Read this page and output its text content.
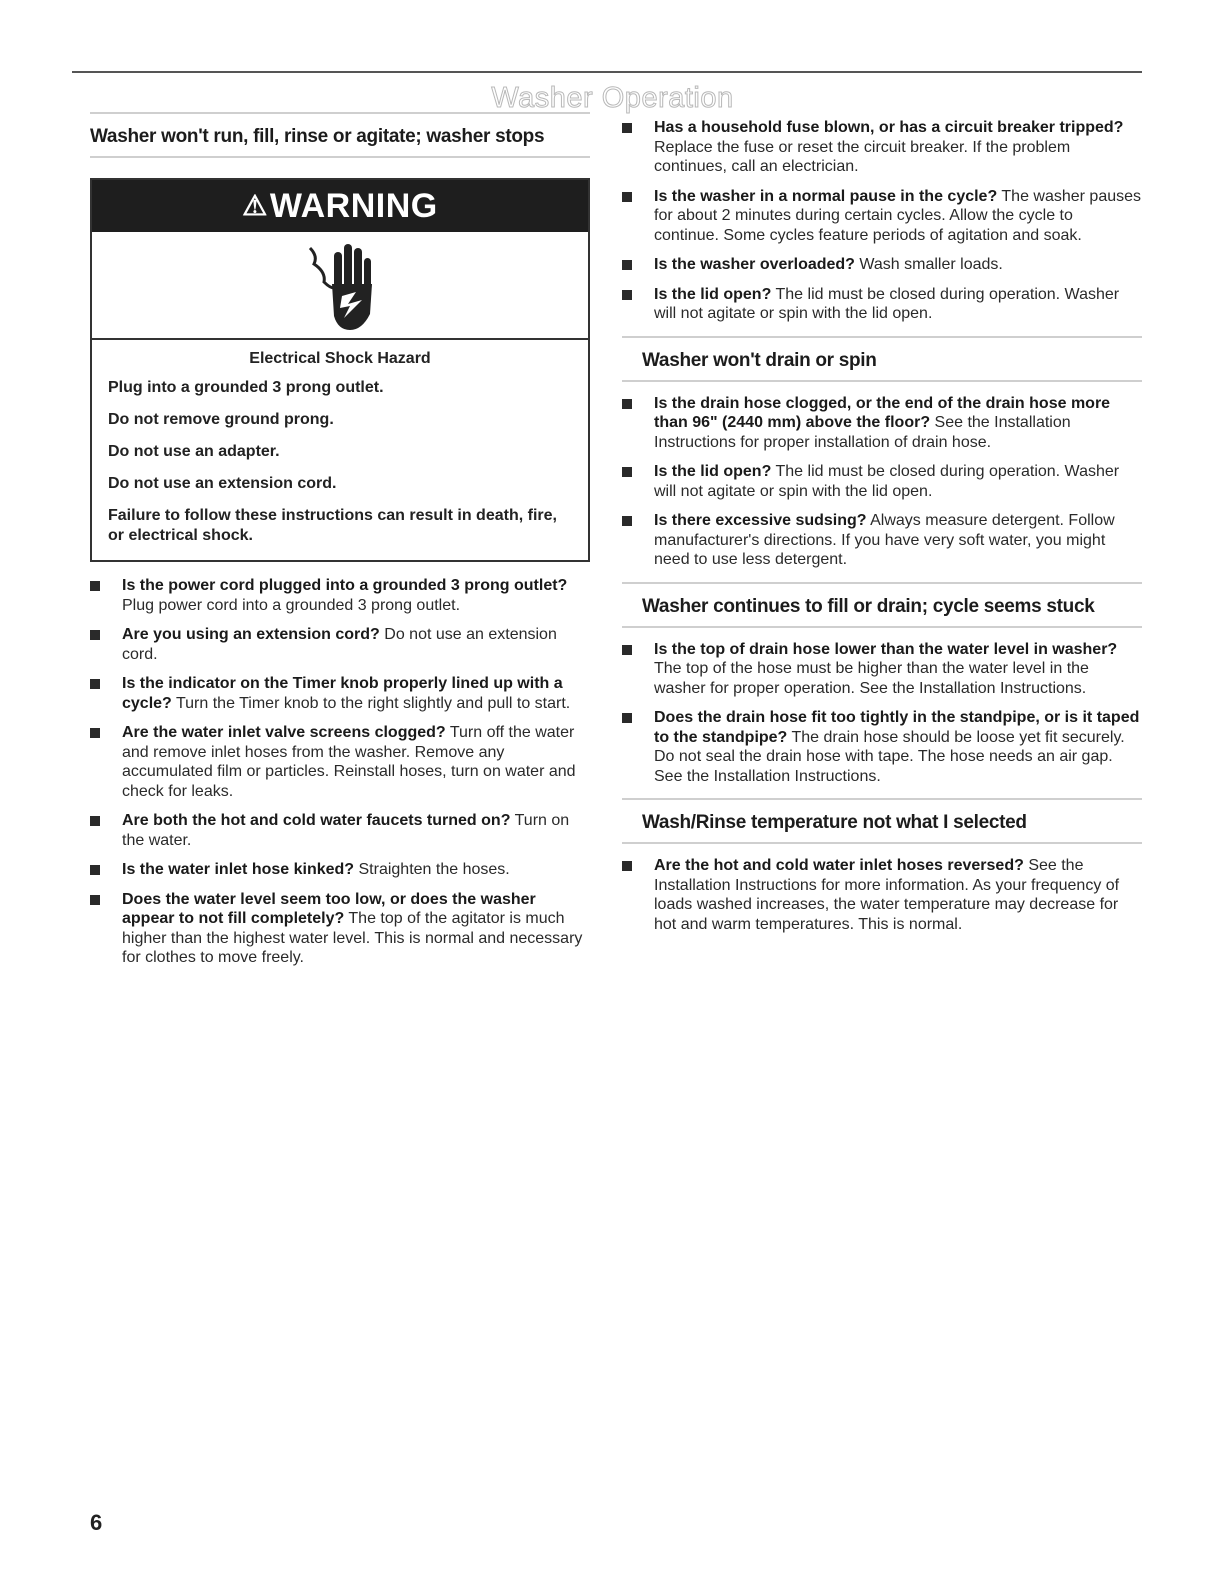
Washer Operation
Washer won't run, fill, rinse or agitate; washer stops
⚠WARNING
Electrical Shock Hazard
Plug into a grounded 3 prong outlet.
Do not remove ground prong.
Do not use an adapter.
Do not use an extension cord.
Failure to follow these instructions can result in death, fire, or electrical shock.
Is the power cord plugged into a grounded 3 prong outlet? Plug power cord into a grounded 3 prong outlet.
Are you using an extension cord? Do not use an extension cord.
Is the indicator on the Timer knob properly lined up with a cycle? Turn the Timer knob to the right slightly and pull to start.
Are the water inlet valve screens clogged? Turn off the water and remove inlet hoses from the washer. Remove any accumulated film or particles. Reinstall hoses, turn on water and check for leaks.
Are both the hot and cold water faucets turned on? Turn on the water.
Is the water inlet hose kinked? Straighten the hoses.
Does the water level seem too low, or does the washer appear to not fill completely? The top of the agitator is much higher than the highest water level. This is normal and necessary for clothes to move freely.
Has a household fuse blown, or has a circuit breaker tripped? Replace the fuse or reset the circuit breaker. If the problem continues, call an electrician.
Is the washer in a normal pause in the cycle? The washer pauses for about 2 minutes during certain cycles. Allow the cycle to continue. Some cycles feature periods of agitation and soak.
Is the washer overloaded? Wash smaller loads.
Is the lid open? The lid must be closed during operation. Washer will not agitate or spin with the lid open.
Washer won't drain or spin
Is the drain hose clogged, or the end of the drain hose more than 96" (2440 mm) above the floor? See the Installation Instructions for proper installation of drain hose.
Is the lid open? The lid must be closed during operation. Washer will not agitate or spin with the lid open.
Is there excessive sudsing? Always measure detergent. Follow manufacturer's directions. If you have very soft water, you might need to use less detergent.
Washer continues to fill or drain; cycle seems stuck
Is the top of drain hose lower than the water level in washer? The top of the hose must be higher than the water level in the washer for proper operation. See the Installation Instructions.
Does the drain hose fit too tightly in the standpipe, or is it taped to the standpipe? The drain hose should be loose yet fit securely. Do not seal the drain hose with tape. The hose needs an air gap. See the Installation Instructions.
Wash/Rinse temperature not what I selected
Are the hot and cold water inlet hoses reversed? See the Installation Instructions for more information. As your frequency of loads washed increases, the water temperature may decrease for hot and warm temperatures. This is normal.
6
